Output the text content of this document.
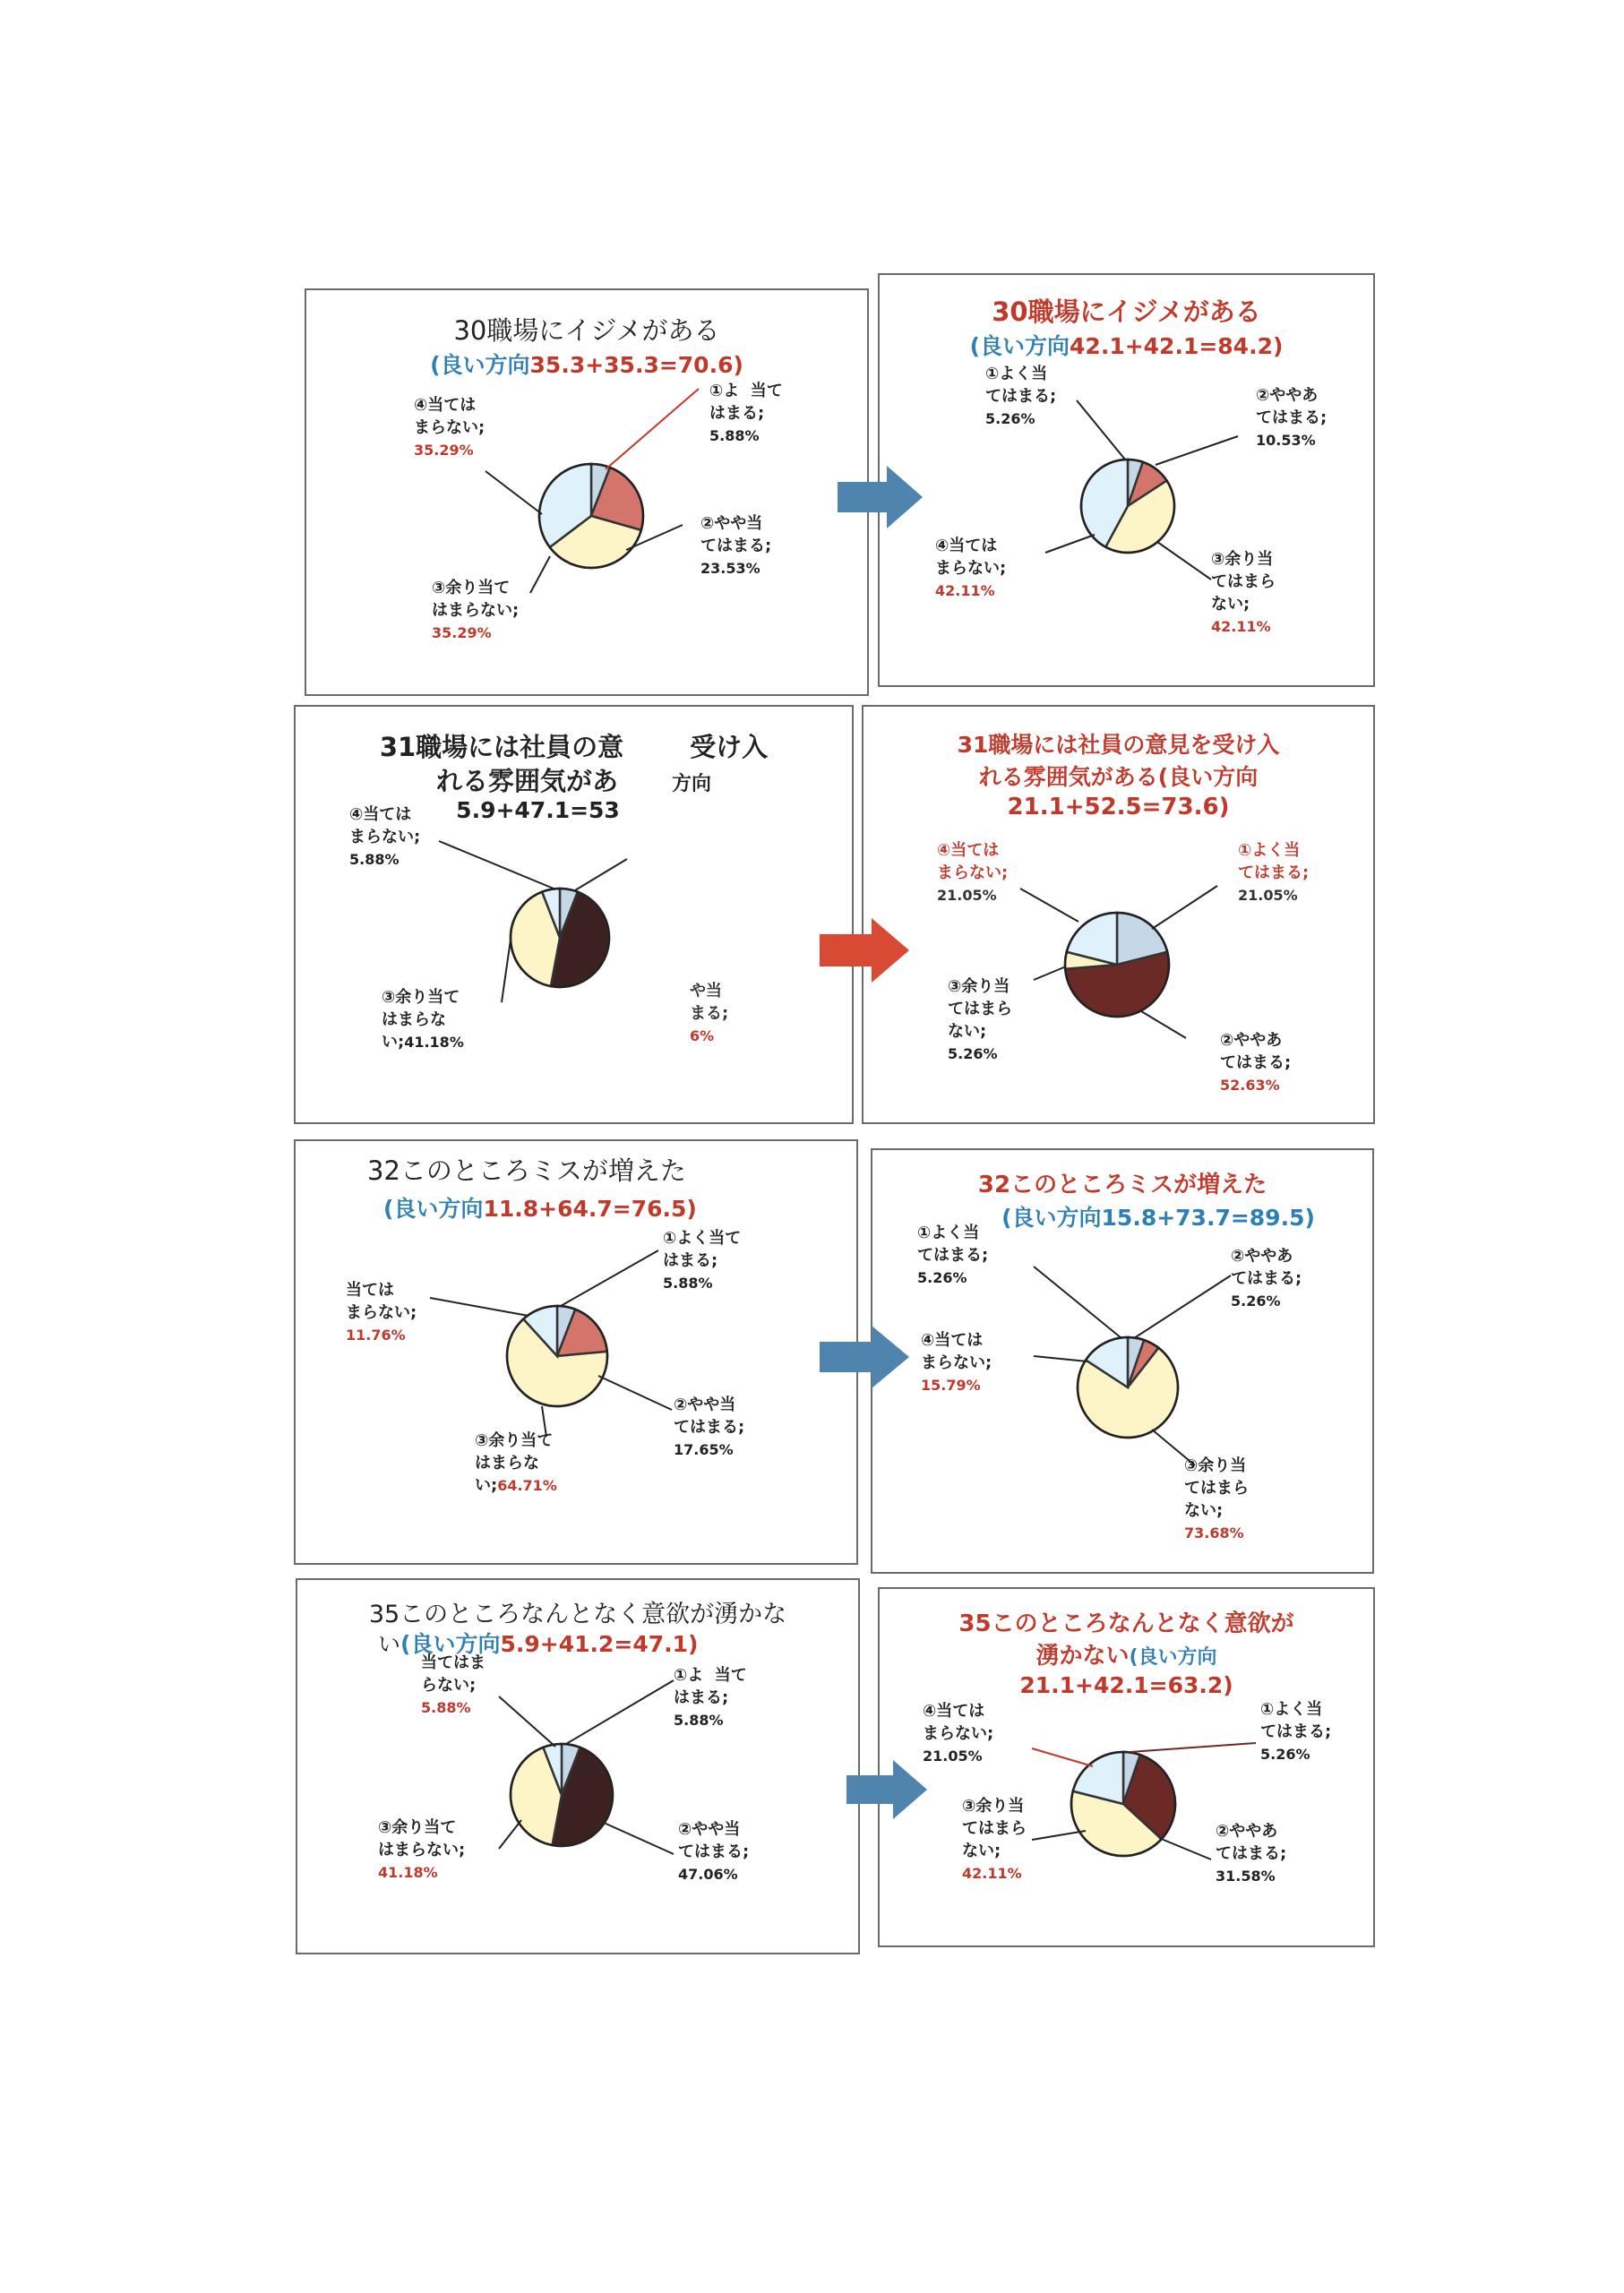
30職場にイジメがある
(良い方向35.3+35.3=70.6)
①よ  当て
はまる;
5.88%
②やや当
てはまる;
23.53%
③余り当て
はまらない;
35.29%
④当ては
まらない;
35.29%
30職場にイジメがある
(良い方向42.1+42.1=84.2)
①よく当
てはまる;
5.26%
②ややあ
てはまる;
10.53%
③余り当
てはまら
ない;
42.11%
④当ては
まらない;
42.11%
31職場には社員の意	受け入
れる雰囲気があ	方向
5.9+47.1=53
④当ては
まらない;
5.88%
③余り当て
はまらな
い;41.18%
や当
まる;
6%
31職場には社員の意見を受け入
れる雰囲気がある(良い方向
21.1+52.5=73.6)
①よく当
てはまる;
21.05%
④当ては
まらない;
21.05%
③余り当
てはまら
ない;
5.26%
②ややあ
てはまる;
52.63%
32このところミスが増えた
(良い方向11.8+64.7=76.5)
①よく当て
はまる;
5.88%
②やや当
てはまる;
17.65%
③余り当て
はまらな
い;64.71%
当ては
まらない;
11.76%
32このところミスが増えた
(良い方向15.8+73.7=89.5)
①よく当
てはまる;
5.26%
②ややあ
てはまる;
5.26%
③余り当
てはまら
ない;
73.68%
④当ては
まらない;
15.79%
35このところなんとなく意欲が湧かな
い(良い方向5.9+41.2=47.1)
①よ  当て
はまる;
5.88%
②やや当
てはまる;
47.06%
③余り当て
はまらない;
41.18%
当てはま
らない;
5.88%
35このところなんとなく意欲が
湧かない(良い方向
21.1+42.1=63.2)
①よく当
てはまる;
5.26%
②ややあ
てはまる;
31.58%
③余り当
てはまら
ない;
42.11%
④当ては
まらない;
21.05%
